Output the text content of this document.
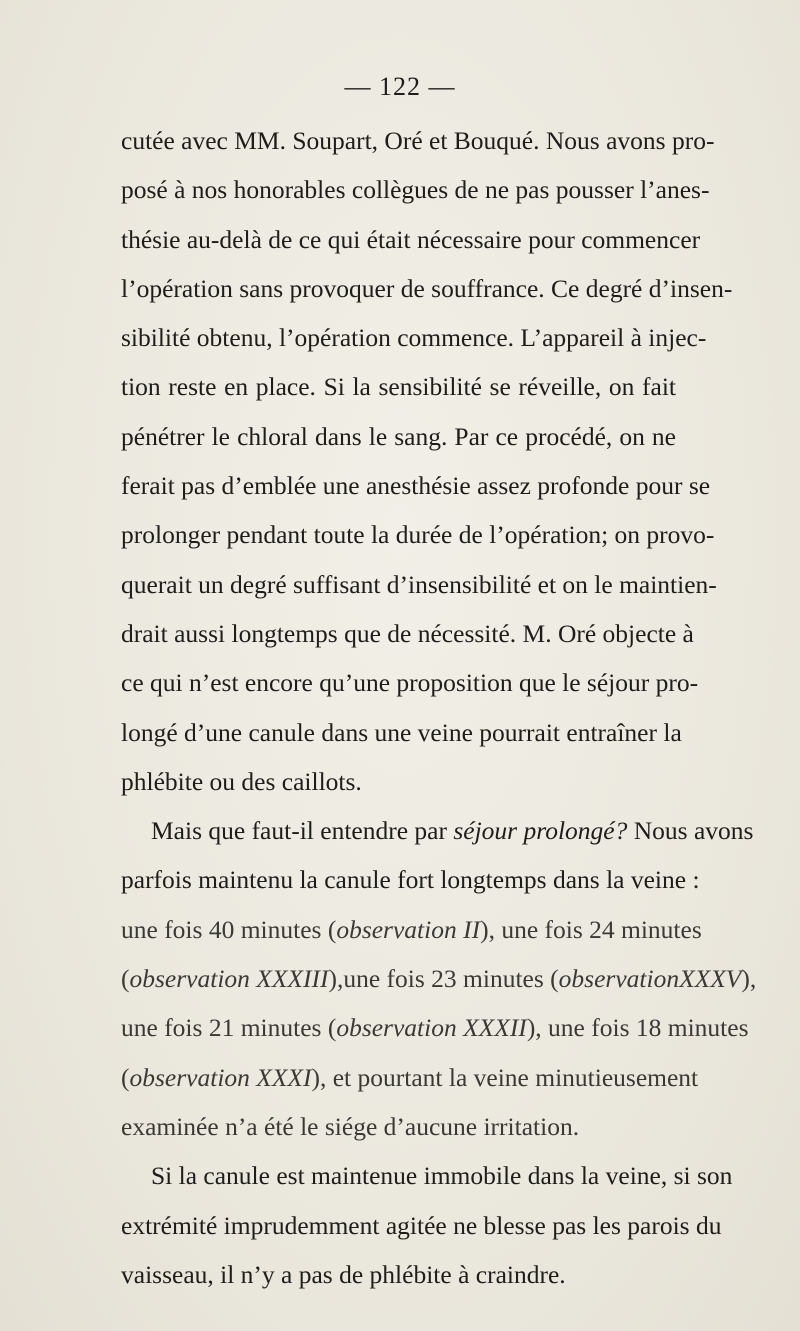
— 122 —
cutée avec MM. Soupart, Oré et Bouqué. Nous avons pro-
posé à nos honorables collègues de ne pas pousser l’anes-
thésie au-delà de ce qui était nécessaire pour commencer
l’opération sans provoquer de souffrance. Ce degré d’insen-
sibilité obtenu, l’opération commence. L’appareil à injec-
tion reste en place. Si la sensibilité se réveille, on fait
pénétrer le chloral dans le sang. Par ce procédé, on ne
ferait pas d’emblée une anesthésie assez profonde pour se
prolonger pendant toute la durée de l’opération; on provo-
querait un degré suffisant d’insensibilité et on le maintien-
drait aussi longtemps que de nécessité. M. Oré objecte à
ce qui n’est encore qu’une proposition que le séjour pro-
longé d’une canule dans une veine pourrait entraîner la
phlébite ou des caillots.
Mais que faut-il entendre par séjour prolongé? Nous avons
parfois maintenu la canule fort longtemps dans la veine :
une fois 40 minutes (observation II), une fois 24 minutes
(observation XXXIII),une fois 23 minutes (observationXXXV),
une fois 21 minutes (observation XXXII), une fois 18 minutes
(observation XXXI), et pourtant la veine minutieusement
examinée n’a été le siége d’aucune irritation.
Si la canule est maintenue immobile dans la veine, si son
extrémité imprudemment agitée ne blesse pas les parois du
vaisseau, il n’y a pas de phlébite à craindre.
